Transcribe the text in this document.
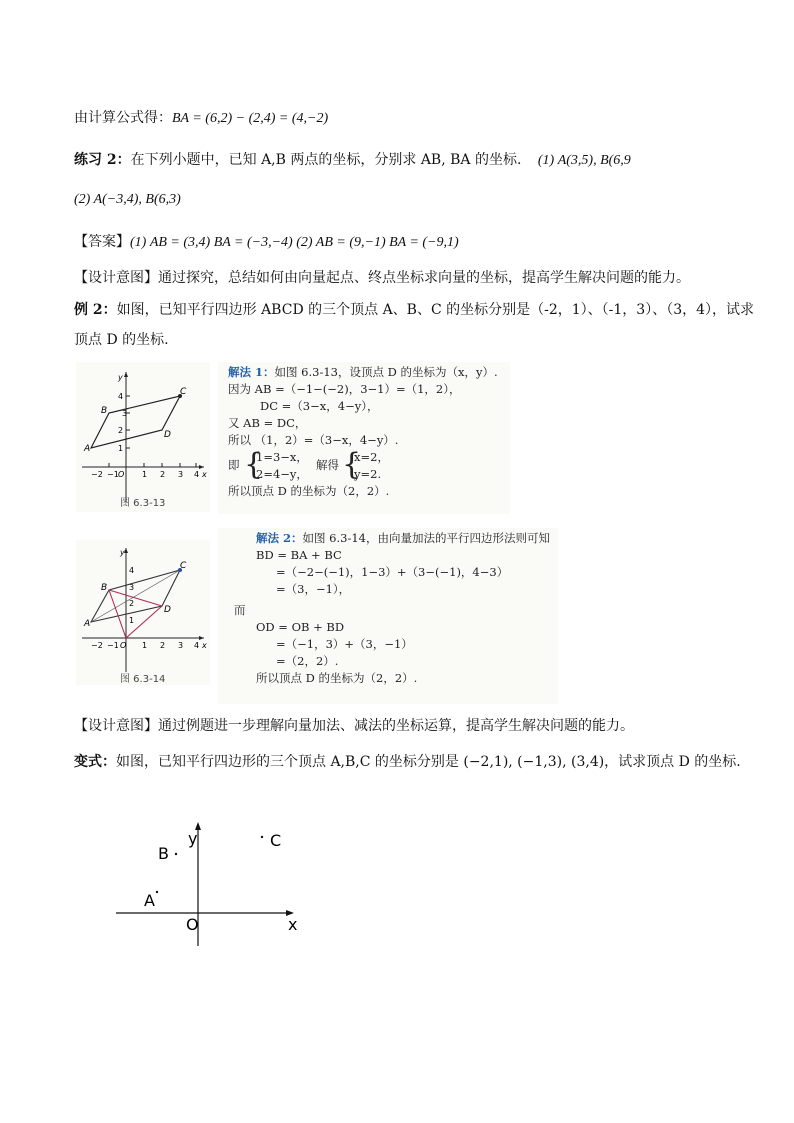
由计算公式得：BA = (6,2) − (2,4) = (4,−2)
练习 2：在下列小题中，已知 A,B 两点的坐标，分别求 AB, BA 的坐标. (1) A(3,5), B(6,9
(2) A(−3,4), B(6,3)
【答案】(1) AB = (3,4) BA = (−3,−4) (2) AB = (9,−1) BA = (−9,1)
【设计意图】通过探究，总结如何由向量起点、终点坐标求向量的坐标，提高学生解决问题的能力。
例 2：如图，已知平行四边形 ABCD 的三个顶点 A、B、C 的坐标分别是（-2，1）、（-1，3）、（3，4），试求
顶点 D 的坐标.
−2 −1 O 1 2 3 4 x
y
4
3
2
1
A
B
C
D
图 6.3-13
解法 1：如图 6.3-13，设顶点 D 的坐标为（x，y）.
因为 AB =（−1−(−2)，3−1）=（1，2），
DC =（3−x，4−y），
又 AB = DC，
所以 （1，2）=（3−x，4−y）.
即 {
1=3−x，
2=4−y，
解得 {
x=2，
y=2.
所以顶点 D 的坐标为（2，2）.
−2 −1 O 1 2 3 4 x
y
4
3
2
1
A
B
C
D
图 6.3-14
解法 2：如图 6.3-14，由向量加法的平行四边形法则可知
BD = BA + BC
=（−2−(−1)，1−3）+（3−(−1)，4−3）
=（3，−1），
而
OD = OB + BD
=（−1，3）+（3，−1）
=（2，2）.
所以顶点 D 的坐标为（2，2）.
【设计意图】通过例题进一步理解向量加法、减法的坐标运算，提高学生解决问题的能力。
变式：如图，已知平行四边形的三个顶点 A,B,C 的坐标分别是 (−2,1), (−1,3), (3,4)，试求顶点 D 的坐标.
y
x
O
A
B
C
